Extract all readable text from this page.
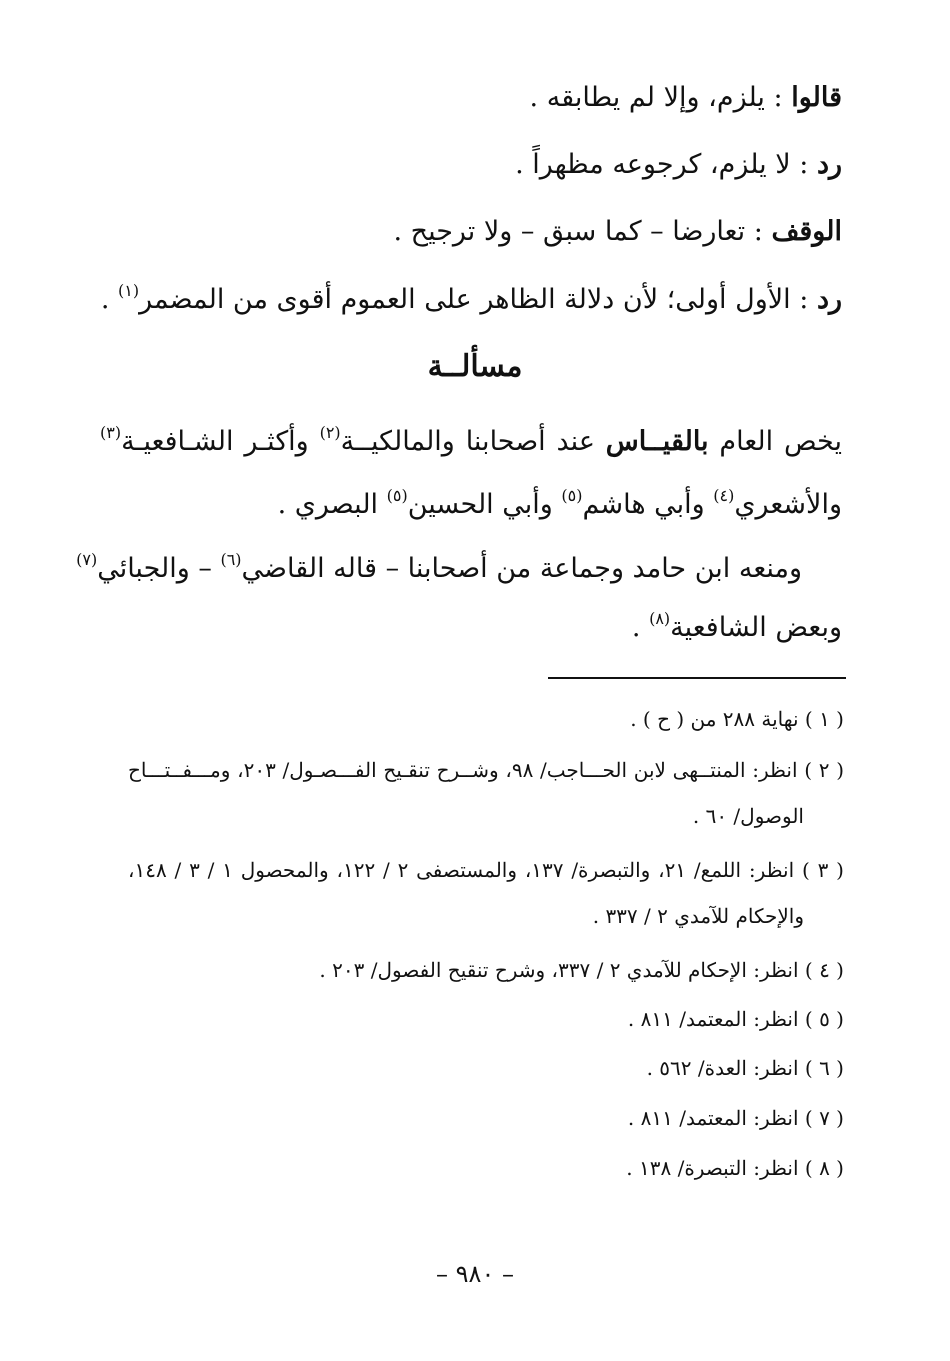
قالوا : يلزم، وإلا لم يطابقه .
رد : لا يلزم، كرجوعه مظهراً .
الوقف : تعارضا – كما سبق – ولا ترجيح .
رد : الأول أولى؛ لأن دلالة الظاهر على العموم أقوى من المضمر$^{(١)}$ .
مسألــة
يخص العام بالقيــاس عند أصحابنا والمالكيــة$^{(٢)}$ وأكثـر الشـافعيـة$^{(٣)}$
والأشعري$^{(٤)}$ وأبي هاشم$^{(٥)}$ وأبي الحسين$^{(٥)}$ البصري .
ومنعه ابن حامد وجماعة من أصحابنا – قاله القاضي$^{(٦)}$ – والجبائي$^{(٧)}$
وبعض الشافعية$^{(٨)}$ .
( ١ ) نهاية ٢٨٨ من ( ح ) .
( ٢ ) انظر: المنتــهى لابن الحـــاجب/ ٩٨، وشــرح تنقـيح الفـــصـول/ ٢٠٣، ومـــفــتـــاح
الوصول/ ٦٠ .
( ٣ ) انظر: اللمع/ ٢١، والتبصرة/ ١٣٧، والمستصفى ٢ / ١٢٢، والمحصول ١ / ٣ / ١٤٨،
والإحكام للآمدي ٢ / ٣٣٧ .
( ٤ ) انظر: الإحكام للآمدي ٢ / ٣٣٧، وشرح تنقيح الفصول/ ٢٠٣ .
( ٥ ) انظر: المعتمد/ ٨١١ .
( ٦ ) انظر: العدة/ ٥٦٢ .
( ٧ ) انظر: المعتمد/ ٨١١ .
( ٨ ) انظر: التبصرة/ ١٣٨ .
– ٩٨٠ –
